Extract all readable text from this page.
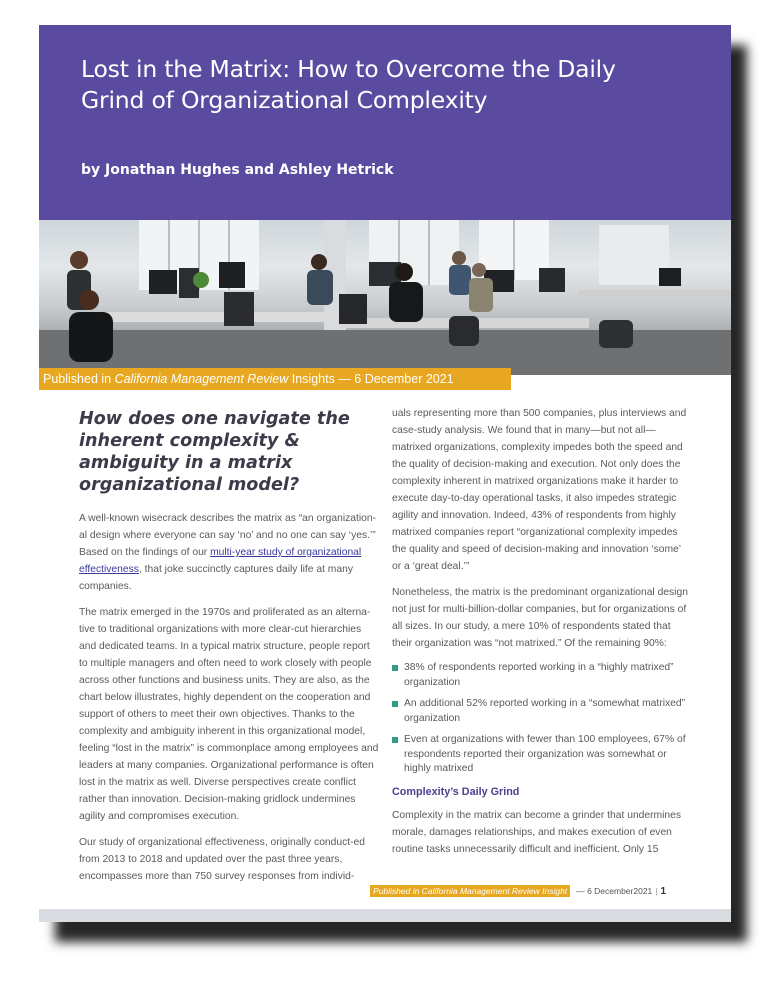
Lost in the Matrix: How to Overcome the Daily Grind of Organizational Complexity
by Jonathan Hughes and Ashley Hetrick
Published in California Management Review Insights — 6 December 2021
How does one navigate the inherent complexity & ambiguity in a matrix organizational model?

A well-known wisecrack describes the matrix as “an organization-al design where everyone can say ‘no’ and no one can say ‘yes.’” Based on the findings of our multi-year study of organizational effectiveness, that joke succinctly captures daily life at many companies.

The matrix emerged in the 1970s and proliferated as an alterna-tive to traditional organizations with more clear-cut hierarchies and dedicated teams. In a typical matrix structure, people report to multiple managers and often need to work closely with people across other functions and business units. They are also, as the chart below illustrates, highly dependent on the cooperation and support of others to meet their own objectives. Thanks to the complexity and ambiguity inherent in this organizational model, feeling “lost in the matrix” is commonplace among employees and leaders at many companies. Organizational performance is often lost in the matrix as well. Diverse perspectives create conflict rather than innovation. Decision-making gridlock undermines agility and compromises execution.

Our study of organizational effectiveness, originally conduct-ed from 2013 to 2018 and updated over the past three years, encompasses more than 750 survey responses from individ-

uals representing more than 500 companies, plus interviews and case-study analysis. We found that in many—but not all—matrixed organizations, complexity impedes both the speed and the quality of decision-making and execution. Not only does the complexity inherent in matrixed organizations make it harder to execute day-to-day operational tasks, it also impedes strategic agility and innovation. Indeed, 43% of respondents from highly matrixed companies report “organizational complexity impedes the quality and speed of decision-making and innovation ‘some’ or a ‘great deal.’”

Nonetheless, the matrix is the predominant organizational design not just for multi-billion-dollar companies, but for organizations of all sizes. In our study, a mere 10% of respondents stated that their organization was “not matrixed.” Of the remaining 90%:

38% of respondents reported working in a “highly matrixed” organization
An additional 52% reported working in a “somewhat matrixed” organization
Even at organizations with fewer than 100 employees, 67% of respondents reported their organization was somewhat or highly matrixed
Complexity’s Daily Grind

Complexity in the matrix can become a grinder that undermines morale, damages relationships, and makes execution of even routine tasks unnecessarily difficult and inefficient. Only 15

Published in California Management Review Insight — 6 December2021 | 1
